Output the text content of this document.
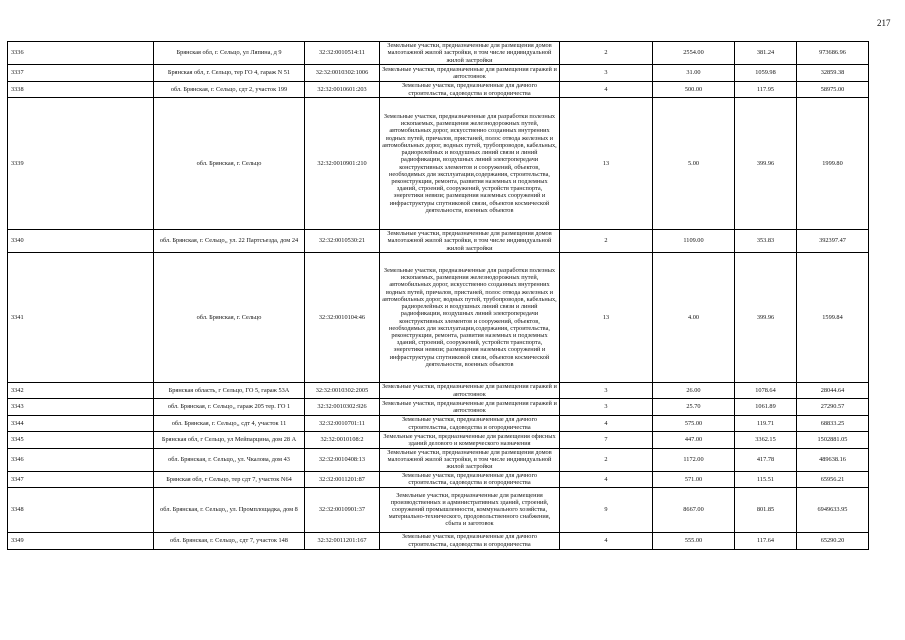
217
3336	Брянская обл, г. Сельцо, ул Ляпина, д 9	32:32:0010514:11	Земельные участки, предназначенные для размещения домов малоэтажной жилой застройки, в том числе индивидуальной жилой застройки	2	2554.00	381.24	973686.96
3337	Брянская обл, г. Сельцо, тер ГО 4, гараж N 51	32:32:0010302:1006	Земельные участки, предназначенные для размещения гаражей и автостоянок	3	31.00	1059.98	32859.38
3338	обл. Брянская, г. Сельцо, сдт 2, участок 199	32:32:0010601:203	Земельные участки, предназначенные для дачного строительства, садоводства и огородничества	4	500.00	117.95	58975.00
3339	обл. Брянская, г. Сельцо	32:32:0010901:210	Земельные участки, предназначенные для разработки полезных ископаемых, размещения железнодорожных путей, автомобильных дорог, искусственно созданных внутренних водных путей, причалов, пристаней, полос отвода железных и автомобильных дорог, водных путей, трубопроводов, кабельных, радиорелейных и воздушных линий связи и линий радиофикации, воздушных линий электропередачи конструктивных элементов и сооружений, объектов, необходимых для эксплуатации,содержания, строительства, реконструкции, ремонта, развития наземных и подземных зданий, строений, сооружений, устройств транспорта, энергетики невязи; размещения наземных сооружений и инфраструктуры спутниковой связи, объектов космической деятельности, военных объектов	13	5.00	399.96	1999.80
3340	обл. Брянская, г. Сельцо,, ул. 22 Партсъезда, дом 24	32:32:0010530:21	Земельные участки, предназначенные для размещения домов малоэтажной жилой застройки, в том числе индивидуальной жилой застройки	2	1109.00	353.83	392397.47
3341	обл. Брянская, г. Сельцо	32:32:0010104:46	Земельные участки, предназначенные для разработки полезных ископаемых, размещения железнодорожных путей, автомобильных дорог, искусственно созданных внутренних водных путей, причалов, пристаней, полос отвода железных и автомобильных дорог, водных путей, трубопроводов, кабельных, радиорелейных и воздушных линий связи и линий радиофикации, воздушных линий электропередачи конструктивных элементов и сооружений, объектов, необходимых для эксплуатации,содержания, строительства, реконструкции, ремонта, развития наземных и подземных зданий, строений, сооружений, устройств транспорта, энергетики невязи; размещения наземных сооружений и инфраструктуры спутниковой связи, объектов космической деятельности, военных объектов	13	4.00	399.96	1599.84
3342	Брянская область, г Сельцо, ГО 5, гараж 53А	32:32:0010302:2005	Земельные участки, предназначенные для размещения гаражей и автостоянок	3	26.00	1078.64	28044.64
3343	обл. Брянская, г. Сельцо,, гараж 205 тер. ГО 1	32:32:0010302:926	Земельные участки, предназначенные для размещения гаражей и автостоянок	3	25.70	1061.89	27290.57
3344	обл. Брянская, г. Сельцо,, сдт 4, участок 11	32:32:0010701:11	Земельные участки, предназначенные для дачного строительства, садоводства и огородничества	4	575.00	119.71	68833.25
3345	Брянская обл, г Сельцо, ул Мейпарцина, дом 28 А	32:32:0010108:2	Земельные участки, предназначенные для размещения офисных зданий делового и коммерческого назначения	7	447.00	3362.15	1502881.05
3346	обл. Брянская, г. Сельцо,, ул. Чкалова, дом 43	32:32:0010408:13	Земельные участки, предназначенные для размещения домов малоэтажной жилой застройки, в том числе индивидуальной жилой застройки	2	1172.00	417.78	489638.16
3347	Брянская обл, г Сельцо, тер сдт 7, участок N64	32:32:0011201:87	Земельные участки, предназначенные для дачного строительства, садоводства и огородничества	4	571.00	115.51	65956.21
3348	обл. Брянская, г. Сельцо,, ул. Промплощадка, дом 8	32:32:0010901:37	Земельные участки, предназначенные для размещения производственных и административных зданий, строений, сооружений промышленности, коммунального хозяйства, материально-технического, продовольственного снабжения, сбыта и заготовок	9	8667.00	801.85	6949633.95
3349	обл. Брянская, г. Сельцо,, сдт 7, участок 148	32:32:0011201:167	Земельные участки, предназначенные для дачного строительства, садоводства и огородничества	4	555.00	117.64	65290.20
